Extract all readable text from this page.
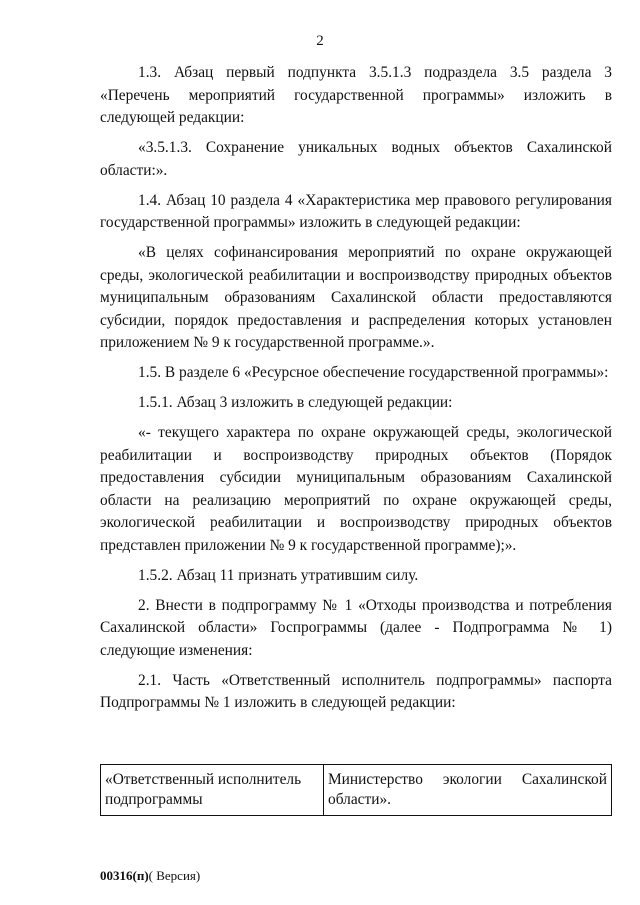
2

1.3. Абзац первый подпункта 3.5.1.3 подраздела 3.5 раздела 3 «Перечень мероприятий государственной программы» изложить в следующей редакции:

«3.5.1.3. Сохранение уникальных водных объектов Сахалинской области:».

1.4. Абзац 10 раздела 4 «Характеристика мер правового регулирования государственной программы» изложить в следующей редакции:

«В целях софинансирования мероприятий по охране окружающей среды, экологической реабилитации и воспроизводству природных объектов муниципальным образованиям Сахалинской области предоставляются субсидии, порядок предоставления и распределения которых установлен приложением № 9 к государственной программе.».

1.5. В разделе 6 «Ресурсное обеспечение государственной программы»:

1.5.1. Абзац 3 изложить в следующей редакции:

«- текущего характера по охране окружающей среды, экологической реабилитации и воспроизводству природных объектов (Порядок предоставления субсидии муниципальным образованиям Сахалинской области на реализацию мероприятий по охране окружающей среды, экологической реабилитации и воспроизводству природных объектов представлен приложении № 9 к государственной программе);».

1.5.2. Абзац 11 признать утратившим силу.

2. Внести в подпрограмму № 1 «Отходы производства и потребления Сахалинской области» Госпрограммы (далее - Подпрограмма № 1) следующие изменения:

2.1. Часть «Ответственный исполнитель подпрограммы» паспорта Подпрограммы № 1 изложить в следующей редакции:

«Ответственный исполнитель подпрограммы	Министерство экологии Сахалинской области».
00316(п)( Версия)
